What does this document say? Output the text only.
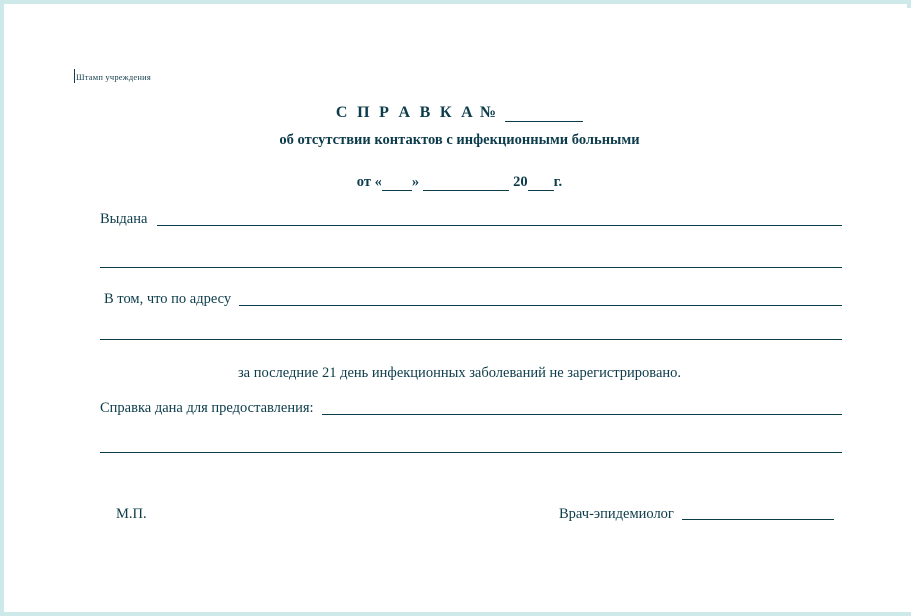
Штамп учреждения
С П Р А В К А №
об отсутствии контактов с инфекционными больными
от « »	20 г.
Выдана
В том, что по адресу
за последние 21 день инфекционных заболеваний не зарегистрировано.
Справка дана для предоставления:
М.П.	Врач-эпидемиолог
